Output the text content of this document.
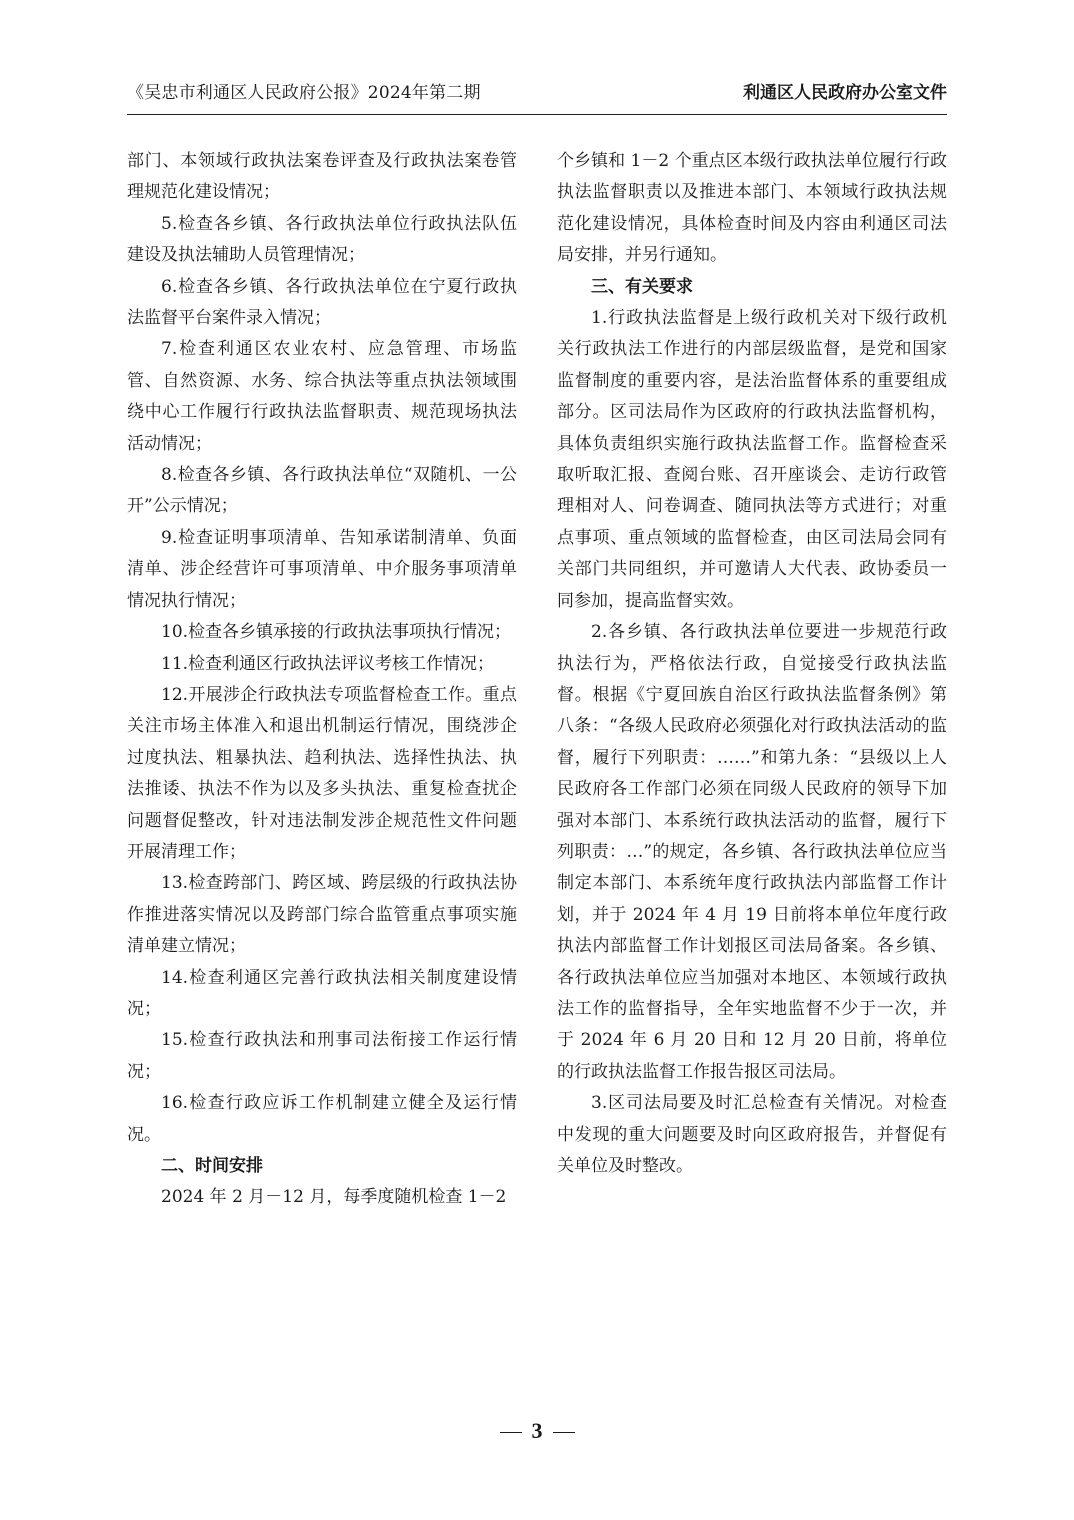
《吴忠市利通区人民政府公报》2024年第二期	利通区人民政府办公室文件

部门、本领域行政执法案卷评查及行政执法案卷管理规范化建设情况；

5.检查各乡镇、各行政执法单位行政执法队伍建设及执法辅助人员管理情况；

6.检查各乡镇、各行政执法单位在宁夏行政执法监督平台案件录入情况；

7.检查利通区农业农村、应急管理、市场监管、自然资源、水务、综合执法等重点执法领域围绕中心工作履行行政执法监督职责、规范现场执法活动情况；

8.检查各乡镇、各行政执法单位“双随机、一公开”公示情况；

9.检查证明事项清单、告知承诺制清单、负面清单、涉企经营许可事项清单、中介服务事项清单情况执行情况；

10.检查各乡镇承接的行政执法事项执行情况；

11.检查利通区行政执法评议考核工作情况；

12.开展涉企行政执法专项监督检查工作。重点关注市场主体准入和退出机制运行情况，围绕涉企过度执法、粗暴执法、趋利执法、选择性执法、执法推诿、执法不作为以及多头执法、重复检查扰企问题督促整改，针对违法制发涉企规范性文件问题开展清理工作；

13.检查跨部门、跨区域、跨层级的行政执法协作推进落实情况以及跨部门综合监管重点事项实施清单建立情况；

14.检查利通区完善行政执法相关制度建设情况；

15.检查行政执法和刑事司法衔接工作运行情况；

16.检查行政应诉工作机制建立健全及运行情况。

二、时间安排

2024 年 2 月－12 月，每季度随机检查 1－2

个乡镇和 1－2 个重点区本级行政执法单位履行行政执法监督职责以及推进本部门、本领域行政执法规范化建设情况，具体检查时间及内容由利通区司法局安排，并另行通知。

三、有关要求

1.行政执法监督是上级行政机关对下级行政机关行政执法工作进行的内部层级监督，是党和国家监督制度的重要内容，是法治监督体系的重要组成部分。区司法局作为区政府的行政执法监督机构，具体负责组织实施行政执法监督工作。监督检查采取听取汇报、查阅台账、召开座谈会、走访行政管理相对人、问卷调查、随同执法等方式进行；对重点事项、重点领域的监督检查，由区司法局会同有关部门共同组织，并可邀请人大代表、政协委员一同参加，提高监督实效。

2.各乡镇、各行政执法单位要进一步规范行政执法行为，严格依法行政，自觉接受行政执法监督。根据《宁夏回族自治区行政执法监督条例》第八条：“各级人民政府必须强化对行政执法活动的监督，履行下列职责：……”和第九条：“县级以上人民政府各工作部门必须在同级人民政府的领导下加强对本部门、本系统行政执法活动的监督，履行下列职责：…”的规定，各乡镇、各行政执法单位应当制定本部门、本系统年度行政执法内部监督工作计划，并于 2024 年 4 月 19 日前将本单位年度行政执法内部监督工作计划报区司法局备案。各乡镇、各行政执法单位应当加强对本地区、本领域行政执法工作的监督指导，全年实地监督不少于一次，并于 2024 年 6 月 20 日和 12 月 20 日前，将单位的行政执法监督工作报告报区司法局。

3.区司法局要及时汇总检查有关情况。对检查中发现的重大问题要及时向区政府报告，并督促有关单位及时整改。

3
